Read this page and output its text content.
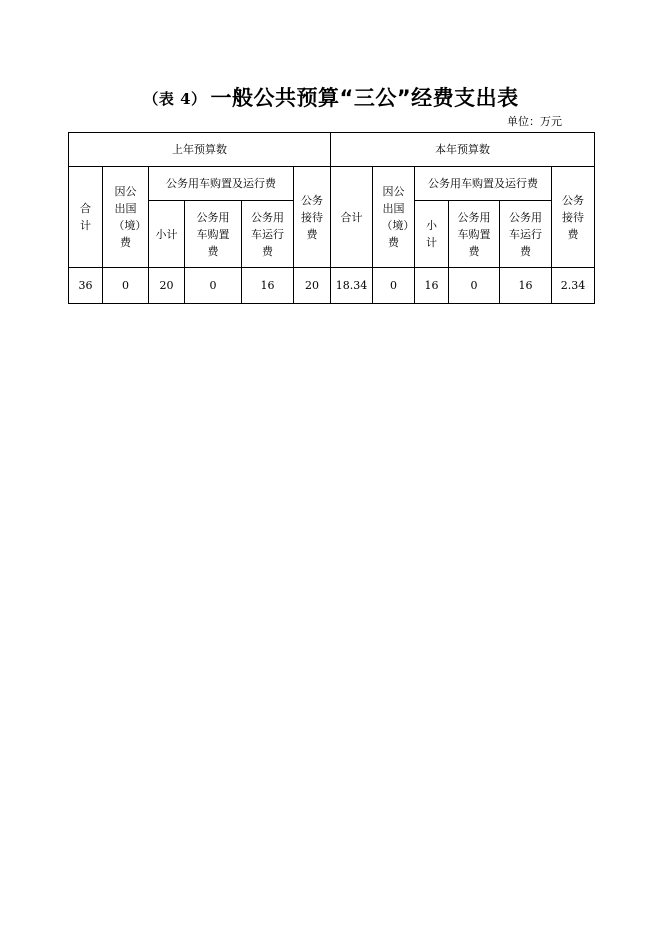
（表 4） 一般公共预算“三公”经费支出表
单位：万元
上年预算数						本年预算数					
合计	因公出国（境）费	公务用车购置及运行费			公务接待费	合计	因公出国（境）费	公务用车购置及运行费			公务接待费
		小计	公务用车购置费	公务用车运行费				小计	公务用车购置费	公务用车运行费	
36	0	20	0	16	20	18.34	0	16	0	16	2.34
